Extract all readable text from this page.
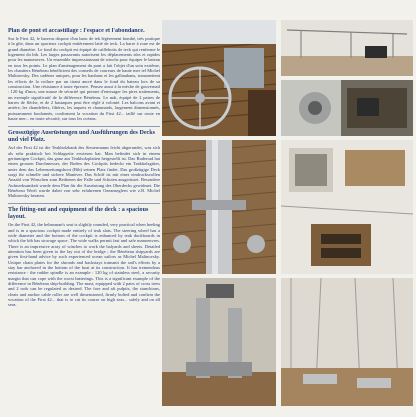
Plan de pont et accastillage : l'espace et l'abondance.
Sur le First 42, le barreur dispose d'un banc de tek légèrement bombé, très pratique à la gîte, dans un spacieux cockpit entièrement latté de teck. La barre à roue est de grand diamètre. Le fond du cockpit est équipé de caillebotis de teck qui renferme le logement du bib. Les larges passavants autorisent les déplacements sûrs et rapides pour les manœuvres. Un ensemble impressionnant de winchs pour équiper le bateau en tous les points. Le plan d'aménagement du pont a fait l'objet d'un soin extrême, les chantiers Bénéteau bénéficient des conseils de coureurs de haute mer tel Michel Malinovsky. Des cadènes uniques, pour les haubans et les galhaubans, transmettent les efforts de la voilure par un tirant ancré dans le fond du bateau lors de sa construction. Une résistance à toute épreuve. Pensez aussi à la mèche de gouvernail : 120 kg d'inox, une masse de sécurité qui permet d'envisager les pires traitements, un exemple significatif de la différence Bénéteau. Le mât, équipé de 2 paires de barres de flèche, et de 2 bastaques peut être réglé à volonté. Les balcons avant et arrière, les chandeliers, filières, les taquets et chaumards, largement dimensionnés, puissamment boulonnés, confirment la vocation du First 42... taillé sur route en haute mer... en toute sécurité, sur tous les océans.
Grosszügige Ausrüstungen und Ausführungen des Decks und viel Platz.
Auf der First 42 ist die Teakholzbank des Steuermanns leicht abgerundet, was sich als sehr praktisch bei Schlagseite erwiesen hat. Man befindet sich in einem geräumigen Cockpit, das ganz aus Teakholzplatten hergestellt ist. Das Ruderrad hat einen grossen Durchmesser, der Boden des Cockpits bedeckt ein Teakholzgitter, unter dem das Lebensrettungsboot (Bib) seinen Platz findet. Das großzügige Deck sorgt für schnelle und sichere Manöver. Das Schiff ist mit einer eindrucksvollen Anzahl von Winschen zum Bedienen der Falle und Schoten ausgerüstet. Besondere Aufmerksamkeit wurde dem Plan für die Ausrüstung des Oberdecks gewidmet. Die Bénéteau Werft wurde dabei von sehr erfahrenen Ozeanseglern wie z.B. Michel Malinovsky beraten.
The fitting-out and equipment of the deck : a spacious layout.
On the First 42, the helmsman's seat is slightly rounded, very practical when heeling and is in a spacious cockpit made entirely of teak slats. The steering wheel has a wide diameter and the bottom of the cockpit is enhanced by teak duckboards in which the bib has stowage space. The wide walks permit fast and safe manoeuvres. There is an impressive array of winches to work the halyards and sheets. Detailed attention has been given to the lay out of the bridge ; the Bénéteau shipyards are given first-hand advice by such experienced ocean sailors as Michel Malinovsky. Unique chain plates for the shrouds and backstays transmit the sail's efforts by a stay bar anchored in the bottom of the boat at its construction. It has tremendous resistance : the rudder spindle is an example : 120 kg of stainless steel, a security margin that can cope with the worst batterings. This is a significant example of the difference in Bénéteau ship-building. The mast, equipped with 2 pairs of cross trees and 2 rods can be regulated as desired. The fore and aft pulpits, the stanchions, cleats and anchor cable roller are well dimensioned, firmly bolted and confirm the vocation of the First 42... that is to cut its course on high seas... safely and on all seas.
